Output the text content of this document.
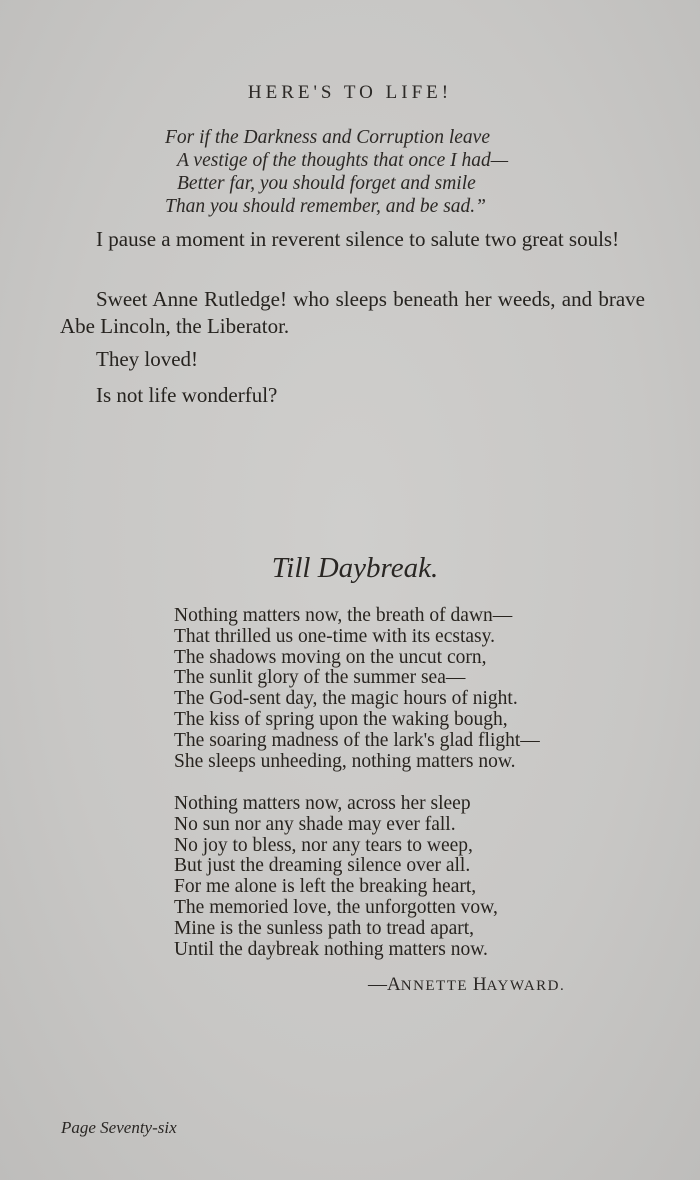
HERE'S TO LIFE!
For if the Darkness and Corruption leave
A vestige of the thoughts that once I had—
Better far, you should forget and smile
Than you should remember, and be sad.”

I pause a moment in reverent silence to salute two great souls!

Sweet Anne Rutledge! who sleeps beneath her weeds, and brave Abe Lincoln, the Liberator.

They loved!

Is not life wonderful?

Till Daybreak.
Nothing matters now, the breath of dawn—
That thrilled us one-time with its ecstasy.
The shadows moving on the uncut corn,
The sunlit glory of the summer sea—
The God-sent day, the magic hours of night.
The kiss of spring upon the waking bough,
The soaring madness of the lark's glad flight—
She sleeps unheeding, nothing matters now.
Nothing matters now, across her sleep
No sun nor any shade may ever fall.
No joy to bless, nor any tears to weep,
But just the dreaming silence over all.
For me alone is left the breaking heart,
The memoried love, the unforgotten vow,
Mine is the sunless path to tread apart,
Until the daybreak nothing matters now.
—ANNETTE HAYWARD.
Page Seventy-six
